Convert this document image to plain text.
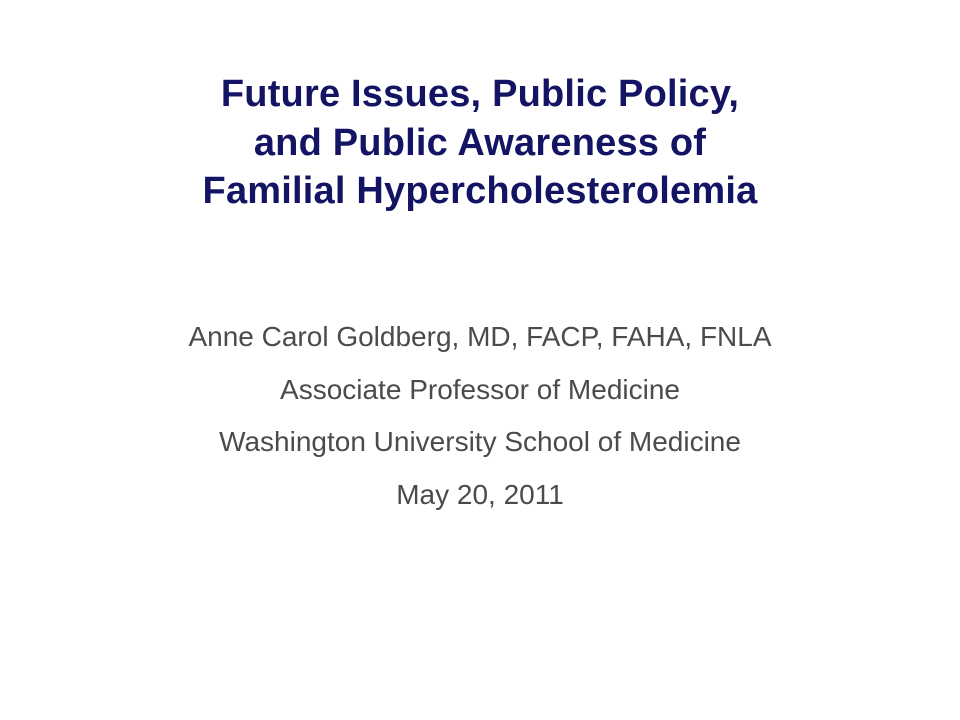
Future Issues, Public Policy,
and Public Awareness of
Familial Hypercholesterolemia

Anne Carol Goldberg, MD, FACP, FAHA, FNLA

Associate Professor of Medicine

Washington University School of Medicine

May 20, 2011
